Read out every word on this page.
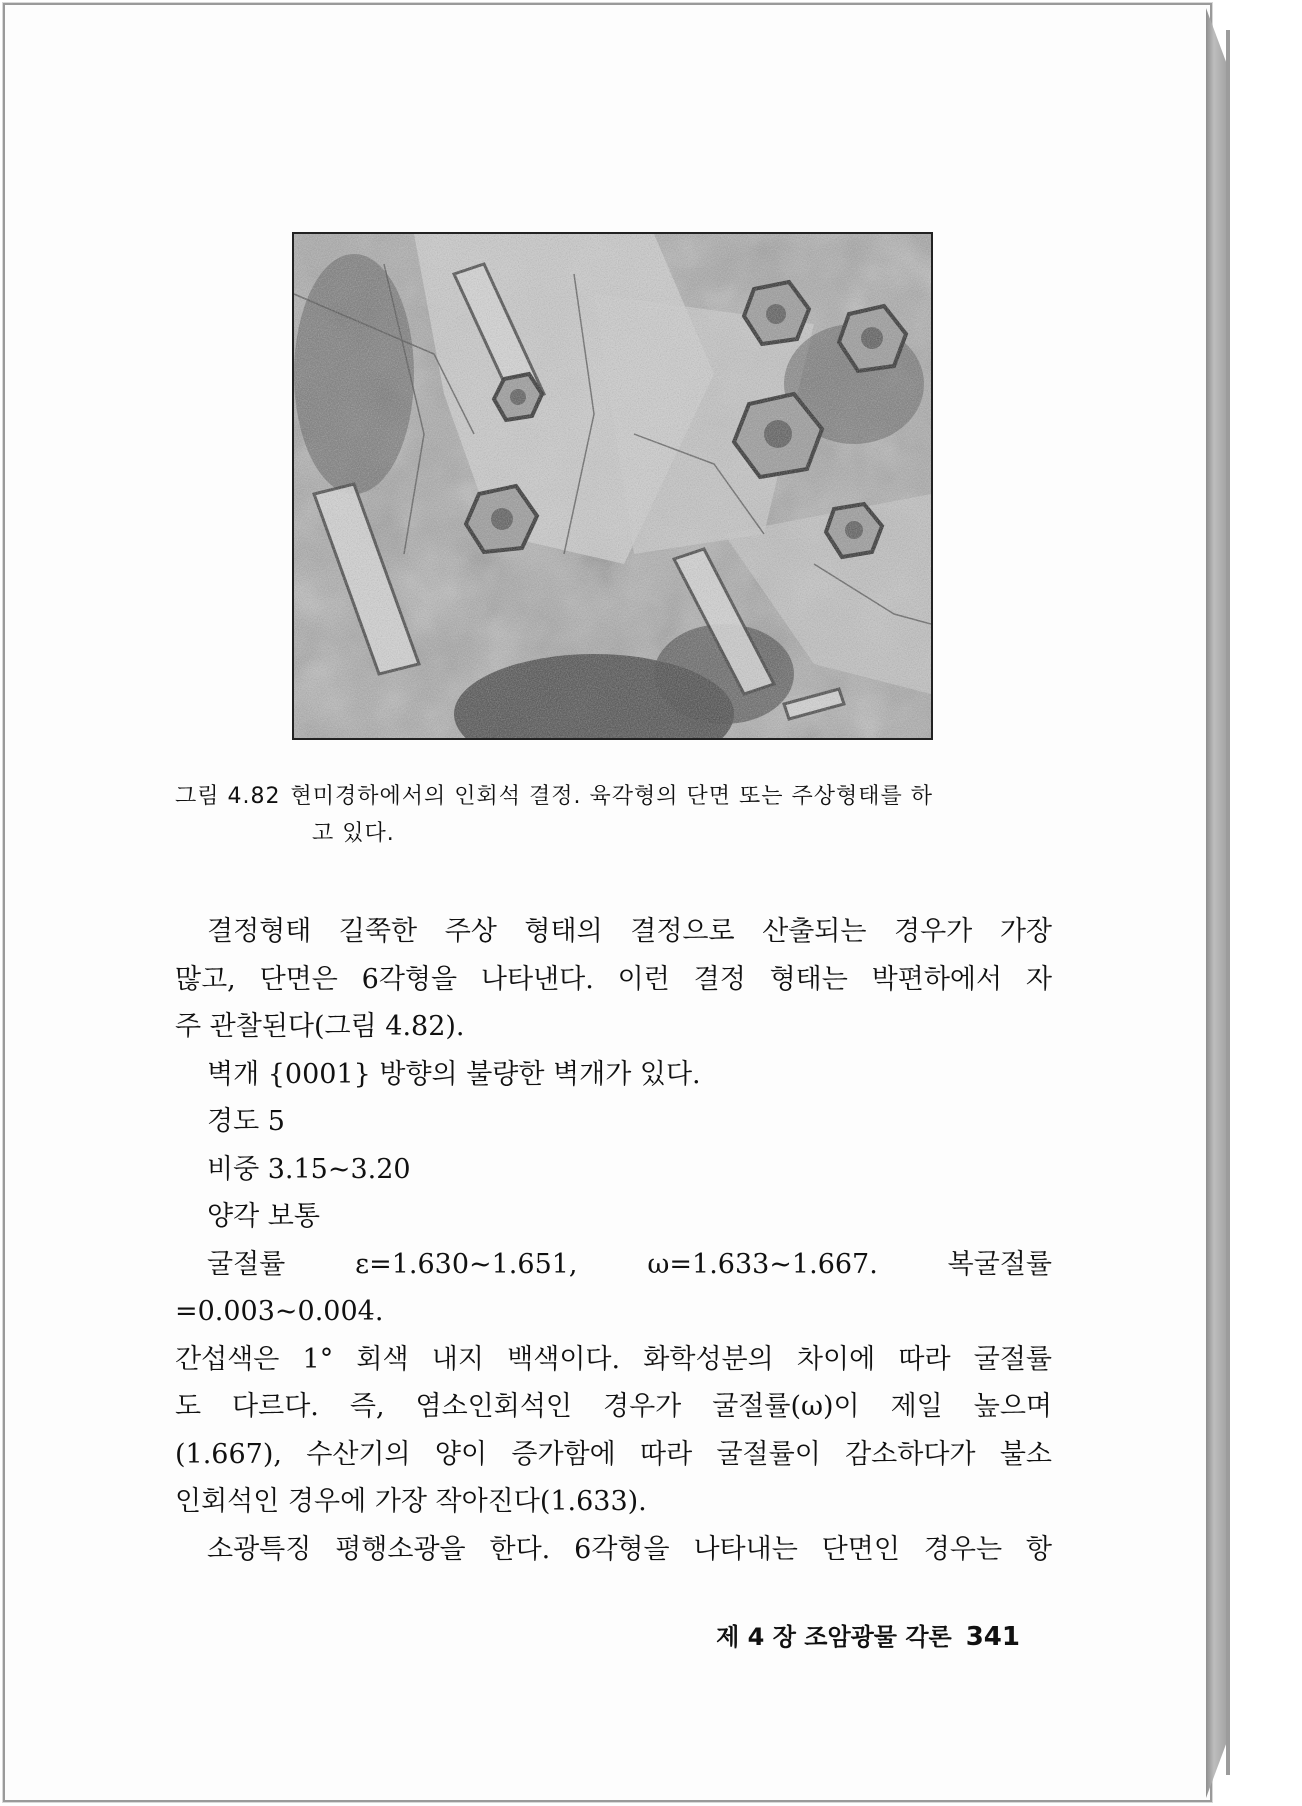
그림 4.82 현미경하에서의 인회석 결정. 육각형의 단면 또는 주상형태를 하
고 있다.

결정형태 길쭉한 주상 형태의 결정으로 산출되는 경우가 가장

많고, 단면은 6각형을 나타낸다. 이런 결정 형태는 박편하에서 자

주 관찰된다(그림 4.82).

벽개 {0001} 방향의 불량한 벽개가 있다.

경도 5

비중 3.15~3.20

양각 보통

굴절률 ε=1.630~1.651, ω=1.633~1.667. 복굴절률=0.003~0.004.

간섭색은 1° 회색 내지 백색이다. 화학성분의 차이에 따라 굴절률

도 다르다. 즉, 염소인회석인 경우가 굴절률(ω)이 제일 높으며

(1.667), 수산기의 양이 증가함에 따라 굴절률이 감소하다가 불소

인회석인 경우에 가장 작아진다(1.633).

소광특징 평행소광을 한다. 6각형을 나타내는 단면인 경우는 항

제 4 장 조암광물 각론 341
